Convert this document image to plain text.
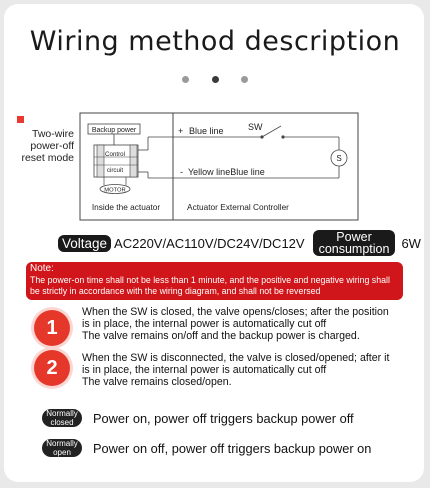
Wiring method description

Two-wire power-off reset mode
Backup power
Control
circuit
MOTOR
+ Blue line	SW
S
- Yellow lineBlue line
Inside the actuator	Actuator External Controller
Voltage AC220V/AC110V/DC24V/DC12V	Power
consumption 6W
Note:
The power-on time shall not be less than 1 minute, and the positive and negative wiring shall be strictly in accordance with the wiring diagram, and shall not be reversed
1
When the SW is closed, the valve opens/closes; after the position
is in place, the internal power is automatically cut off
The valve remains on/off and the backup power is charged.
2	When the SW is disconnected, the valve is closed/opened; after it
is in place, the internal power is automatically cut off
The valve remains closed/open.
Normally
closed	Power on, power off triggers backup power off
Normally
open	Power on off, power off triggers backup power on
